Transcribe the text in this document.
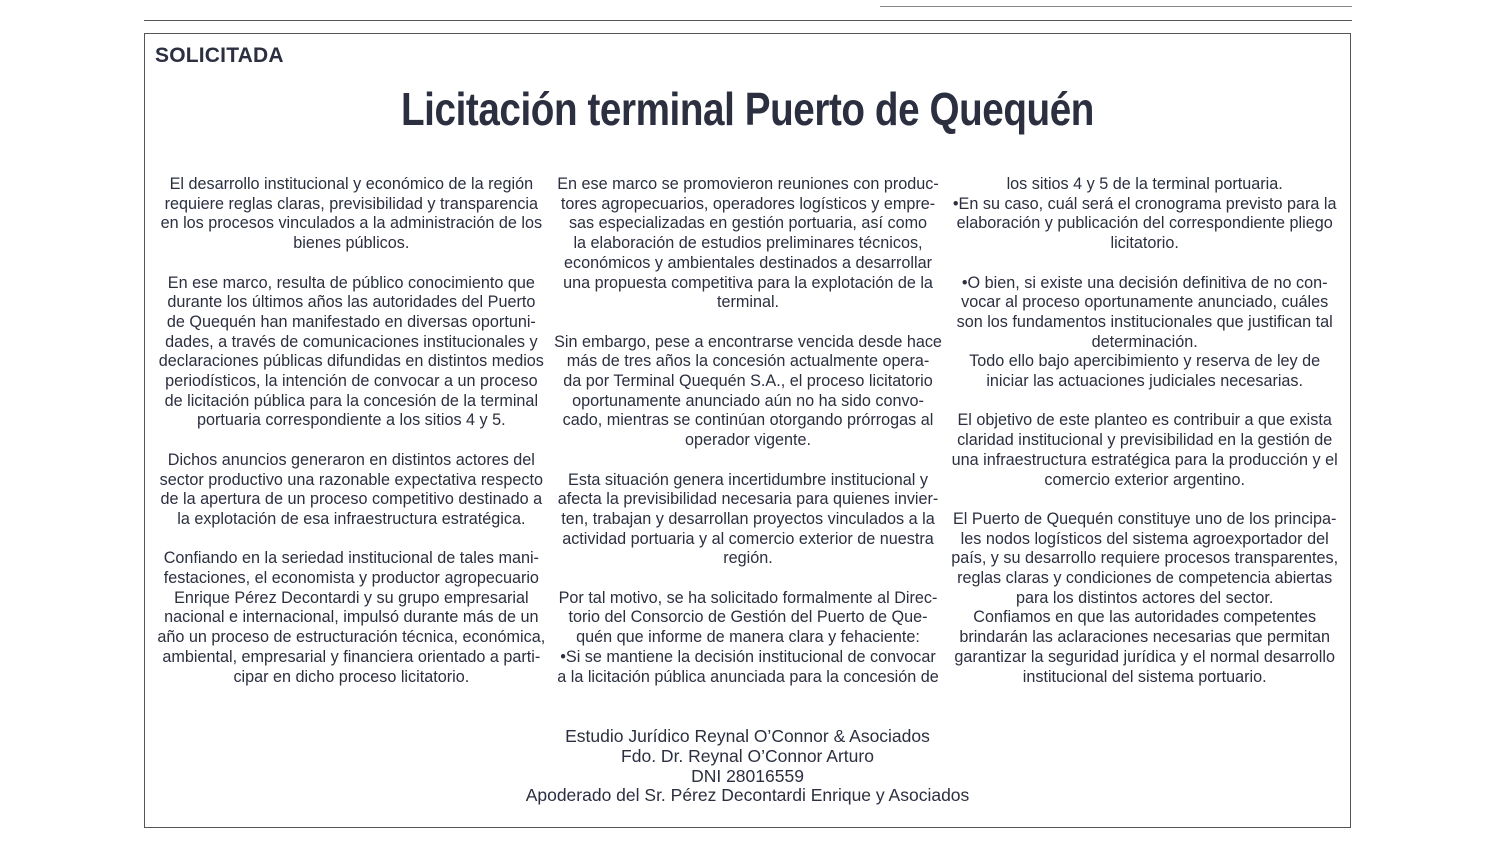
SOLICITADA
Licitación terminal Puerto de Quequén

El desarrollo institucional y económico de la región
requiere reglas claras, previsibilidad y transparencia
en los procesos vinculados a la administración de los
bienes públicos.

En ese marco, resulta de público conocimiento que
durante los últimos años las autoridades del Puerto
de Quequén han manifestado en diversas oportuni-
dades, a través de comunicaciones institucionales y
declaraciones públicas difundidas en distintos medios
periodísticos, la intención de convocar a un proceso
de licitación pública para la concesión de la terminal
portuaria correspondiente a los sitios 4 y 5.

Dichos anuncios generaron en distintos actores del
sector productivo una razonable expectativa respecto
de la apertura de un proceso competitivo destinado a
la explotación de esa infraestructura estratégica.

Confiando en la seriedad institucional de tales mani-
festaciones, el economista y productor agropecuario
Enrique Pérez Decontardi y su grupo empresarial
nacional e internacional, impulsó durante más de un
año un proceso de estructuración técnica, económica,
ambiental, empresarial y financiera orientado a parti-
cipar en dicho proceso licitatorio.

En ese marco se promovieron reuniones con produc-
tores agropecuarios, operadores logísticos y empre-
sas especializadas en gestión portuaria, así como
la elaboración de estudios preliminares técnicos,
económicos y ambientales destinados a desarrollar
una propuesta competitiva para la explotación de la
terminal.

Sin embargo, pese a encontrarse vencida desde hace
más de tres años la concesión actualmente opera-
da por Terminal Quequén S.A., el proceso licitatorio
oportunamente anunciado aún no ha sido convo-
cado, mientras se continúan otorgando prórrogas al
operador vigente.

Esta situación genera incertidumbre institucional y
afecta la previsibilidad necesaria para quienes invier-
ten, trabajan y desarrollan proyectos vinculados a la
actividad portuaria y al comercio exterior de nuestra
región.

Por tal motivo, se ha solicitado formalmente al Direc-
torio del Consorcio de Gestión del Puerto de Que-
quén que informe de manera clara y fehaciente:
•Si se mantiene la decisión institucional de convocar
a la licitación pública anunciada para la concesión de

los sitios 4 y 5 de la terminal portuaria.
•En su caso, cuál será el cronograma previsto para la
elaboración y publicación del correspondiente pliego
licitatorio.

•O bien, si existe una decisión definitiva de no con-
vocar al proceso oportunamente anunciado, cuáles
son los fundamentos institucionales que justifican tal
determinación.
Todo ello bajo apercibimiento y reserva de ley de
iniciar las actuaciones judiciales necesarias.

El objetivo de este planteo es contribuir a que exista
claridad institucional y previsibilidad en la gestión de
una infraestructura estratégica para la producción y el
comercio exterior argentino.

El Puerto de Quequén constituye uno de los principa-
les nodos logísticos del sistema agroexportador del
país, y su desarrollo requiere procesos transparentes,
reglas claras y condiciones de competencia abiertas
para los distintos actores del sector.
Confiamos en que las autoridades competentes
brindarán las aclaraciones necesarias que permitan
garantizar la seguridad jurídica y el normal desarrollo
institucional del sistema portuario.

Estudio Jurídico Reynal O’Connor & Asociados
Fdo. Dr. Reynal O’Connor Arturo
DNI 28016559
Apoderado del Sr. Pérez Decontardi Enrique y Asociados
